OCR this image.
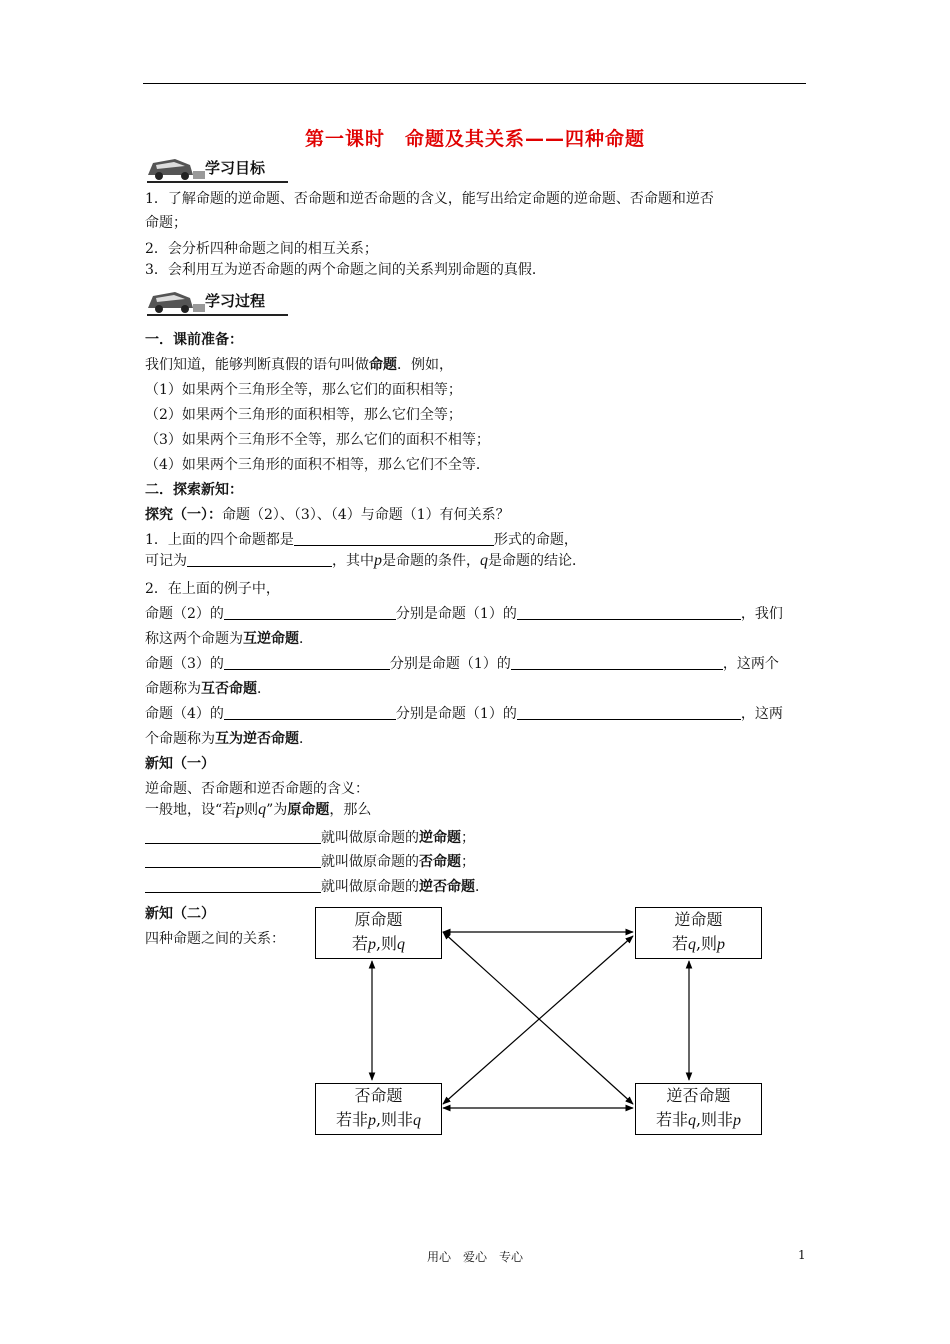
第一课时　命题及其关系——四种命题
学习目标
1．了解命题的逆命题、否命题和逆否命题的含义，能写出给定命题的逆命题、否命题和逆否
命题；
2．会分析四种命题之间的相互关系；
3．会利用互为逆否命题的两个命题之间的关系判别命题的真假．
学习过程
一．课前准备：
我们知道，能够判断真假的语句叫做命题．例如，
（1）如果两个三角形全等，那么它们的面积相等；
（2）如果两个三角形的面积相等，那么它们全等；
（3）如果两个三角形不全等，那么它们的面积不相等；
（4）如果两个三角形的面积不相等，那么它们不全等．
二．探索新知：
探究（一）：命题（2）、（3）、（4）与命题（1）有何关系？
1．上面的四个命题都是	形式的命题，
可记为	，其中p是命题的条件，q是命题的结论．
2．在上面的例子中，
命题（2）的	分别是命题（1）的	，我们
称这两个命题为互逆命题．
命题（3）的	分别是命题（1）的	，这两个
命题称为互否命题．
命题（4）的	分别是命题（1）的	，这两
个命题称为互为逆否命题．
新知（一）
逆命题、否命题和逆否命题的含义：
一般地，设“若p则q”为原命题，那么
就叫做原命题的逆命题；
就叫做原命题的否命题；
就叫做原命题的逆否命题．
新知（二）
四种命题之间的关系：
原命题
若p,则q
逆命题
若q,则p
否命题
若非p,则非q
逆否命题
若非q,则非p
用心　爱心　专心	1
